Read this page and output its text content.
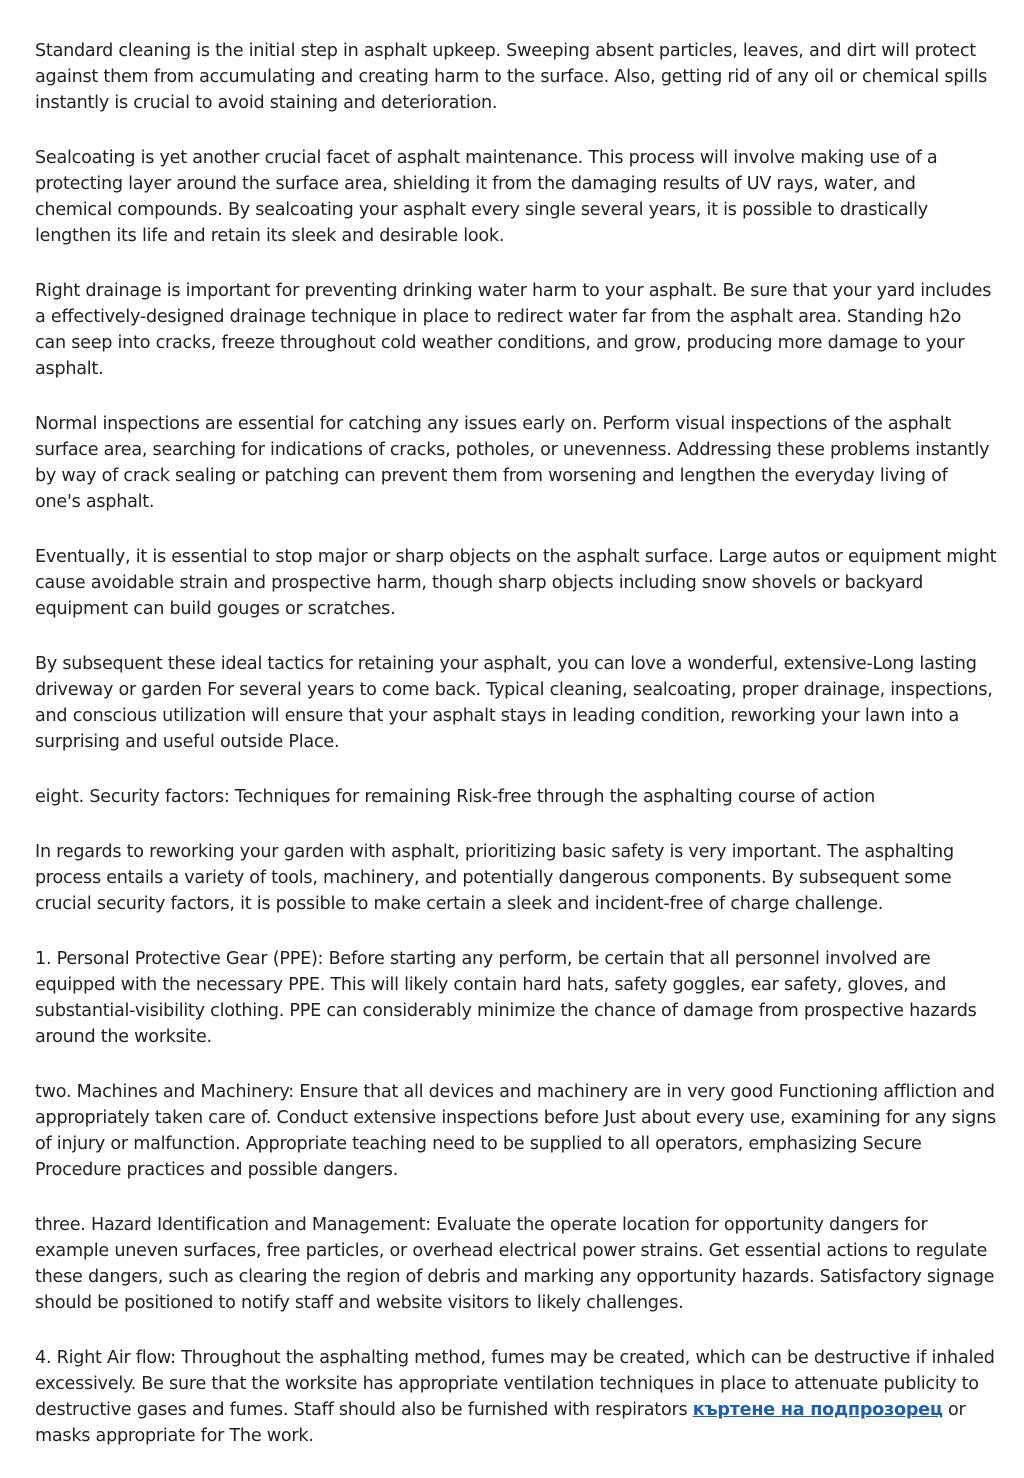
Standard cleaning is the initial step in asphalt upkeep. Sweeping absent particles, leaves, and dirt will protect against them from accumulating and creating harm to the surface. Also, getting rid of any oil or chemical spills instantly is crucial to avoid staining and deterioration.

Sealcoating is yet another crucial facet of asphalt maintenance. This process will involve making use of a protecting layer around the surface area, shielding it from the damaging results of UV rays, water, and chemical compounds. By sealcoating your asphalt every single several years, it is possible to drastically lengthen its life and retain its sleek and desirable look.

Right drainage is important for preventing drinking water harm to your asphalt. Be sure that your yard includes a effectively-designed drainage technique in place to redirect water far from the asphalt area. Standing h2o can seep into cracks, freeze throughout cold weather conditions, and grow, producing more damage to your asphalt.

Normal inspections are essential for catching any issues early on. Perform visual inspections of the asphalt surface area, searching for indications of cracks, potholes, or unevenness. Addressing these problems instantly by way of crack sealing or patching can prevent them from worsening and lengthen the everyday living of one's asphalt.

Eventually, it is essential to stop major or sharp objects on the asphalt surface. Large autos or equipment might cause avoidable strain and prospective harm, though sharp objects including snow shovels or backyard equipment can build gouges or scratches.

By subsequent these ideal tactics for retaining your asphalt, you can love a wonderful, extensive-Long lasting driveway or garden For several years to come back. Typical cleaning, sealcoating, proper drainage, inspections, and conscious utilization will ensure that your asphalt stays in leading condition, reworking your lawn into a surprising and useful outside Place.

eight. Security factors: Techniques for remaining Risk-free through the asphalting course of action

In regards to reworking your garden with asphalt, prioritizing basic safety is very important. The asphalting process entails a variety of tools, machinery, and potentially dangerous components. By subsequent some crucial security factors, it is possible to make certain a sleek and incident-free of charge challenge.

1. Personal Protective Gear (PPE): Before starting any perform, be certain that all personnel involved are equipped with the necessary PPE. This will likely contain hard hats, safety goggles, ear safety, gloves, and substantial-visibility clothing. PPE can considerably minimize the chance of damage from prospective hazards around the worksite.

two. Machines and Machinery: Ensure that all devices and machinery are in very good Functioning affliction and appropriately taken care of. Conduct extensive inspections before Just about every use, examining for any signs of injury or malfunction. Appropriate teaching need to be supplied to all operators, emphasizing Secure Procedure practices and possible dangers.

three. Hazard Identification and Management: Evaluate the operate location for opportunity dangers for example uneven surfaces, free particles, or overhead electrical power strains. Get essential actions to regulate these dangers, such as clearing the region of debris and marking any opportunity hazards. Satisfactory signage should be positioned to notify staff and website visitors to likely challenges.

4. Right Air flow: Throughout the asphalting method, fumes may be created, which can be destructive if inhaled excessively. Be sure that the worksite has appropriate ventilation techniques in place to attenuate publicity to destructive gases and fumes. Staff should also be furnished with respirators къртене на подпрозорец or masks appropriate for The work.
